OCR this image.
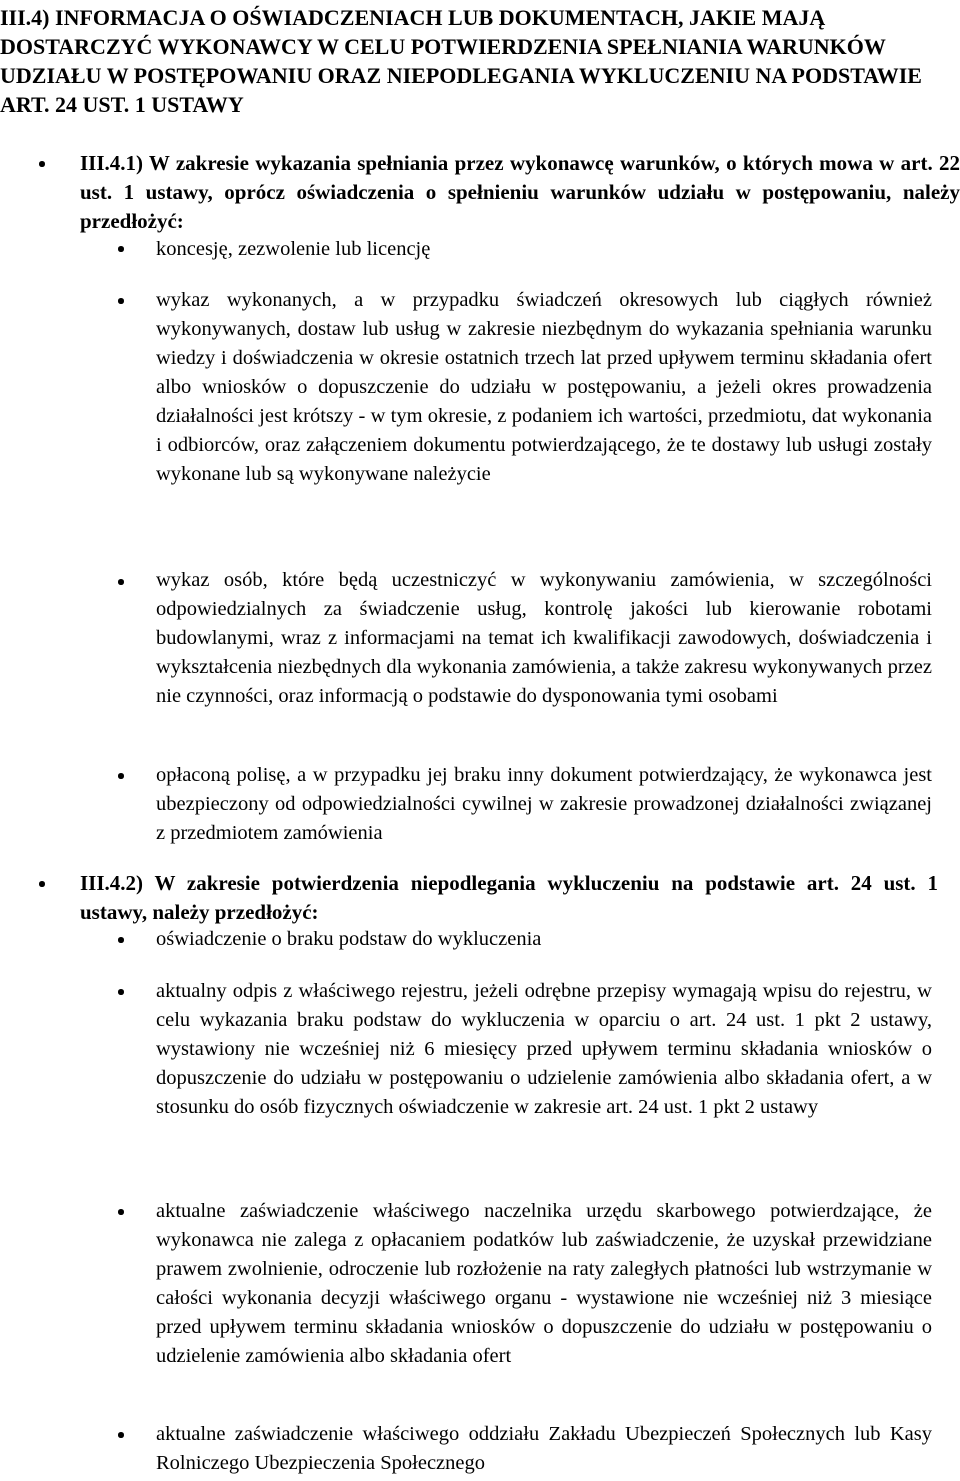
III.4) INFORMACJA O OŚWIADCZENIACH LUB DOKUMENTACH, JAKIE MAJĄ DOSTARCZYĆ WYKONAWCY W CELU POTWIERDZENIA SPEŁNIANIA WARUNKÓW UDZIAŁU W POSTĘPOWANIU ORAZ NIEPODLEGANIA WYKLUCZENIU NA PODSTAWIE ART. 24 UST. 1 USTAWY

III.4.1) W zakresie wykazania spełniania przez wykonawcę warunków, o których mowa w art. 22 ust. 1 ustawy, oprócz oświadczenia o spełnieniu warunków udziału w postępowaniu, należy przedłożyć:

koncesję, zezwolenie lub licencję

wykaz wykonanych, a w przypadku świadczeń okresowych lub ciągłych również wykonywanych, dostaw lub usług w zakresie niezbędnym do wykazania spełniania warunku wiedzy i doświadczenia w okresie ostatnich trzech lat przed upływem terminu składania ofert albo wniosków o dopuszczenie do udziału w postępowaniu, a jeżeli okres prowadzenia działalności jest krótszy - w tym okresie, z podaniem ich wartości, przedmiotu, dat wykonania i odbiorców, oraz załączeniem dokumentu potwierdzającego, że te dostawy lub usługi zostały wykonane lub są wykonywane należycie

wykaz osób, które będą uczestniczyć w wykonywaniu zamówienia, w szczególności odpowiedzialnych za świadczenie usług, kontrolę jakości lub kierowanie robotami budowlanymi, wraz z informacjami na temat ich kwalifikacji zawodowych, doświadczenia i wykształcenia niezbędnych dla wykonania zamówienia, a także zakresu wykonywanych przez nie czynności, oraz informacją o podstawie do dysponowania tymi osobami

opłaconą polisę, a w przypadku jej braku inny dokument potwierdzający, że wykonawca jest ubezpieczony od odpowiedzialności cywilnej w zakresie prowadzonej działalności związanej z przedmiotem zamówienia

III.4.2) W zakresie potwierdzenia niepodlegania wykluczeniu na podstawie art. 24 ust. 1 ustawy, należy przedłożyć:

oświadczenie o braku podstaw do wykluczenia

aktualny odpis z właściwego rejestru, jeżeli odrębne przepisy wymagają wpisu do rejestru, w celu wykazania braku podstaw do wykluczenia w oparciu o art. 24 ust. 1 pkt 2 ustawy, wystawiony nie wcześniej niż 6 miesięcy przed upływem terminu składania wniosków o dopuszczenie do udziału w postępowaniu o udzielenie zamówienia albo składania ofert, a w stosunku do osób fizycznych oświadczenie w zakresie art. 24 ust. 1 pkt 2 ustawy

aktualne zaświadczenie właściwego naczelnika urzędu skarbowego potwierdzające, że wykonawca nie zalega z opłacaniem podatków lub zaświadczenie, że uzyskał przewidziane prawem zwolnienie, odroczenie lub rozłożenie na raty zaległych płatności lub wstrzymanie w całości wykonania decyzji właściwego organu - wystawione nie wcześniej niż 3 miesiące przed upływem terminu składania wniosków o dopuszczenie do udziału w postępowaniu o udzielenie zamówienia albo składania ofert

aktualne zaświadczenie właściwego oddziału Zakładu Ubezpieczeń Społecznych lub Kasy Rolniczego Ubezpieczenia Społecznego
